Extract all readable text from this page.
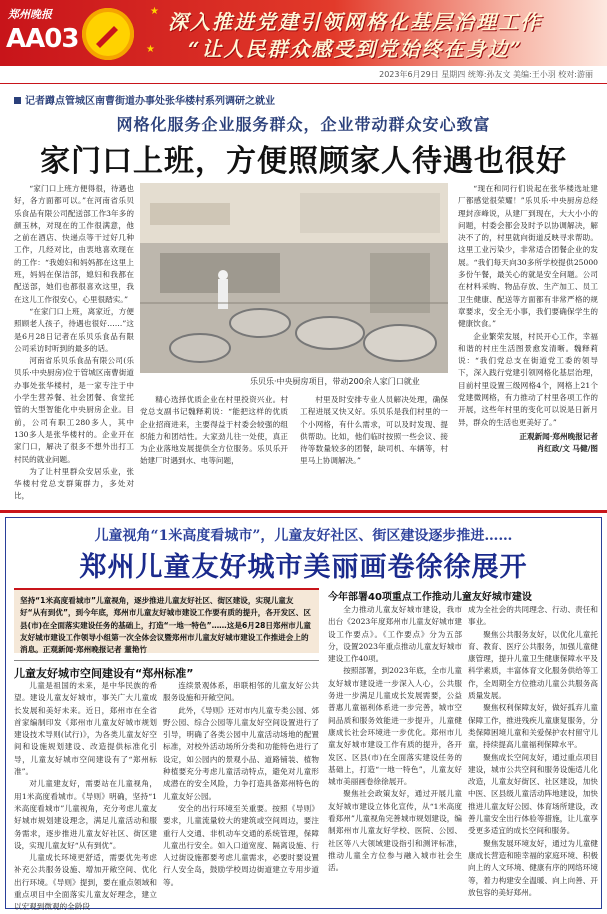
郑州晚报
AA03
★
★
深入推进党建引领网格化基层治理工作
“让人民群众感受到党始终在身边”
2023年6月29日 星期四 统筹:孙友文 美编:王小羽 校对:游丽
记者蹲点管城区南曹街道办事处张华楼村系列调研之就业
网格化服务企业服务群众，企业带动群众安心致富
家门口上班，方便照顾家人待遇也很好

“家门口上班方便得很，待遇也好，各方面都可以。”在河南省乐贝乐食品有限公司配送部工作3年多的颜玉林，对现在的工作很满意，他之前在酒店、快递点等干过好几种工作，几经对比，由衷地喜欢现在的工作：“我媳妇和妈妈都在这里上班，妈妈在保洁部，媳妇和我都在配送部，她们也都很喜欢这里，我在这儿工作很安心，心里很踏实。”

“在家门口上班，离家近，方便照顾老人孩子，待遇也很好……”这是6月28日记者在乐贝乐食品有限公司采访时听到的最多的话。

河南省乐贝乐食品有限公司(乐贝乐·中央厨房)位于管城区南曹街道办事处张华楼村，是一家专注于中小学生营养餐、社会团餐、食堂托管的大型智能化中央厨房企业。目前，公司有职工280多人，其中130多人是张华楼村的。企业开在家门口，解决了很多不想外出打工村民的就业问题。

为了让村里群众安居乐业，张华楼村党总支群策群力，多处对比，

乐贝乐·中央厨房项目，带动200余人家门口就业

精心选择优质企业在村里投资兴业。村党总支副书记魏释莉说：“能把这样的优质企业招商进来，主要得益于村委会较强的组织能力和团结性。大家劲儿往一处使，真正为企业落地发展提供全方位服务。乐贝乐开始建厂时遇到水、电等问题，

村里及时安排专业人员解决处理，确保工程进展又快又好。乐贝乐是我们村里的一个小网格，有什么需求，可以及时发现、提供帮助。比如，他们临时按照一些会议、接待等数量较多的团餐，缺司机、车辆等，村里马上协调解决。”

“现在和同行们说起在张华楼选址建厂都感觉很荣耀！”乐贝乐·中央厨房总经理封彦峰说，从建厂到现在，大大小小的问题，村委会都会及时予以协调解决，解决不了的，村里就向街道反映寻求帮助。这里工业污染少，非常适合团餐企业的发展。“我们每天向30多所学校提供25000多份午餐，最关心的就是安全问题。公司在材料采购、物品存放、生产加工、员工卫生健康、配送等方面都有非常严格的规章要求，安全无小事，我们要确保学生的健康饮食。”

企业繁荣发展，村民开心工作，幸福和谐的村庄生活图景愈发清晰。魏释莉说：“我们党总支在街道党工委的领导下，深入践行党建引领网格化基层治理，目前村里设置三级网格4个，网格上21个党建微网格，有力推动了村里各项工作的开展，这些年村里的变化可以说是日新月异，群众的生活也更美好了。”

正观新闻·郑州晚报记者
肖红政/文 马健/图
儿童视角“1米高度看城市”，儿童友好社区、街区建设逐步推进……
郑州儿童友好城市美丽画卷徐徐展开
坚持“1米高度看城市”儿童视角，逐步推进儿童友好社区、街区建设，实现儿童友好“从有到优”，到今年底，郑州市儿童友好城市建设工作要有质的提升，各开发区、区县(市)在全面落实建设任务的基础上，打造“一地一特色”……这是6月28日郑州市儿童友好城市建设工作领导小组第一次全体会议暨郑州市儿童友好城市建设工作推进会上的消息。正观新闻·郑州晚报记者 董艳竹
今年部署40项重点工作推动儿童友好城市建设
儿童友好城市空间建设有“郑州标准”

儿童是祖国的未来，是中华民族的希望。建设儿童友好城市，事关广大儿童成长发展和美好未来。近日，郑州市在全省首家编制印发《郑州市儿童友好城市规划建设技术导则(试行)》，为各类儿童友好空间和设施规划建设、改造提供标准化引导，儿童友好城市空间建设有了“郑州标准”。

对儿童建友好，需要站在儿童视角，用1米高度看城市。《导则》明确，坚持“1米高度看城市”儿童视角，充分考虑儿童友好城市规划建设理念，满足儿童活动和服务需求，逐步推进儿童友好社区、街区建设，实现儿童友好“从有到优”。

儿童成长环境更舒适，需要优先考虑补充公共服务设施、增加开敞空间、优化出行环境。《导则》提到，要在重点领域和重点项目中全面落实儿童友好理念，建立以宏观到微观的全龄段

连续景观体系，串联相邻的儿童友好公共服务设施和开敞空间。

此外，《导则》还对市内儿童专类公园、郊野公园、综合公园等儿童友好空间设置进行了引导，明确了各类公园中儿童活动场地的配置标准，对校外活动场所分类和功能特色进行了设定，如公园内的景观小品、道路铺装、植物种植要充分考虑儿童活动特点，避免对儿童形成潜在的安全风险，力争打造具备郑州特色的儿童友好公园。

安全的出行环境至关重要。按照《导则》要求，儿童流量较大的建筑或空间周边，要注重行人交通、非机动车交通的系统管理，保障儿童出行安全。如入口道宽度、隔离设施、行人过街设施都要考虑儿童需求，必要时要设置行人安全岛，鼓励学校周边街道建立专用步道等。

全力推动儿童友好城市建设，我市出台《2023年度郑州市儿童友好城市建设工作要点》。《工作要点》分为五部分，设置2023年重点推动儿童友好城市建设工作40项。

按照部署，到2023年底，全市儿童友好城市建设进一步深入人心，公共服务进一步满足儿童成长发展需要，公益普惠儿童福利体系进一步完善，城市空间品质和服务效能进一步提升，儿童健康成长社会环境进一步优化。郑州市儿童友好城市建设工作有质的提升，各开发区、区县(市)在全面落实建设任务的基础上，打造“一地一特色”，儿童友好城市美丽画卷徐徐展开。

聚焦社会政策友好，通过开展儿童友好城市建设立体化宣传，从“1米高度看郑州”儿童视角完善城市规划建设，编制郑州市儿童友好学校、医院、公园、社区等八大领域建设指引和测评标准，推动儿童全方位参与融入城市社会生活。

成为全社会的共同理念、行动、责任和事业。

聚焦公共服务友好，以优化儿童托育、教育、医疗公共服务，加强儿童健康管理，提升儿童卫生健康保障水平及科学素质，丰富体育文化服务供给等工作，全周期全方位推动儿童公共服务高质量发展。

聚焦权利保障友好，做好孤弃儿童保障工作，推进残疾儿童康复服务，分类保障困境儿童和关爱保护农村留守儿童，持续提高儿童福利保障水平。

聚焦成长空间友好，通过重点项目建设，城市公共空间和服务设施适儿化改造，儿童友好街区、社区建设，加快中医、区县级儿童活动阵地建设，加快推进儿童友好公园、体育场所建设，改善儿童安全出行体验等措施，让儿童享受更多适宜的成长空间和服务。

聚焦发展环境友好，通过为儿童健康成长营造和睦幸福的家庭环境、积极向上的人文环境、健康有序的网络环境等，着力构建安全温暖、向上向善、开放包容的美好郑州。
